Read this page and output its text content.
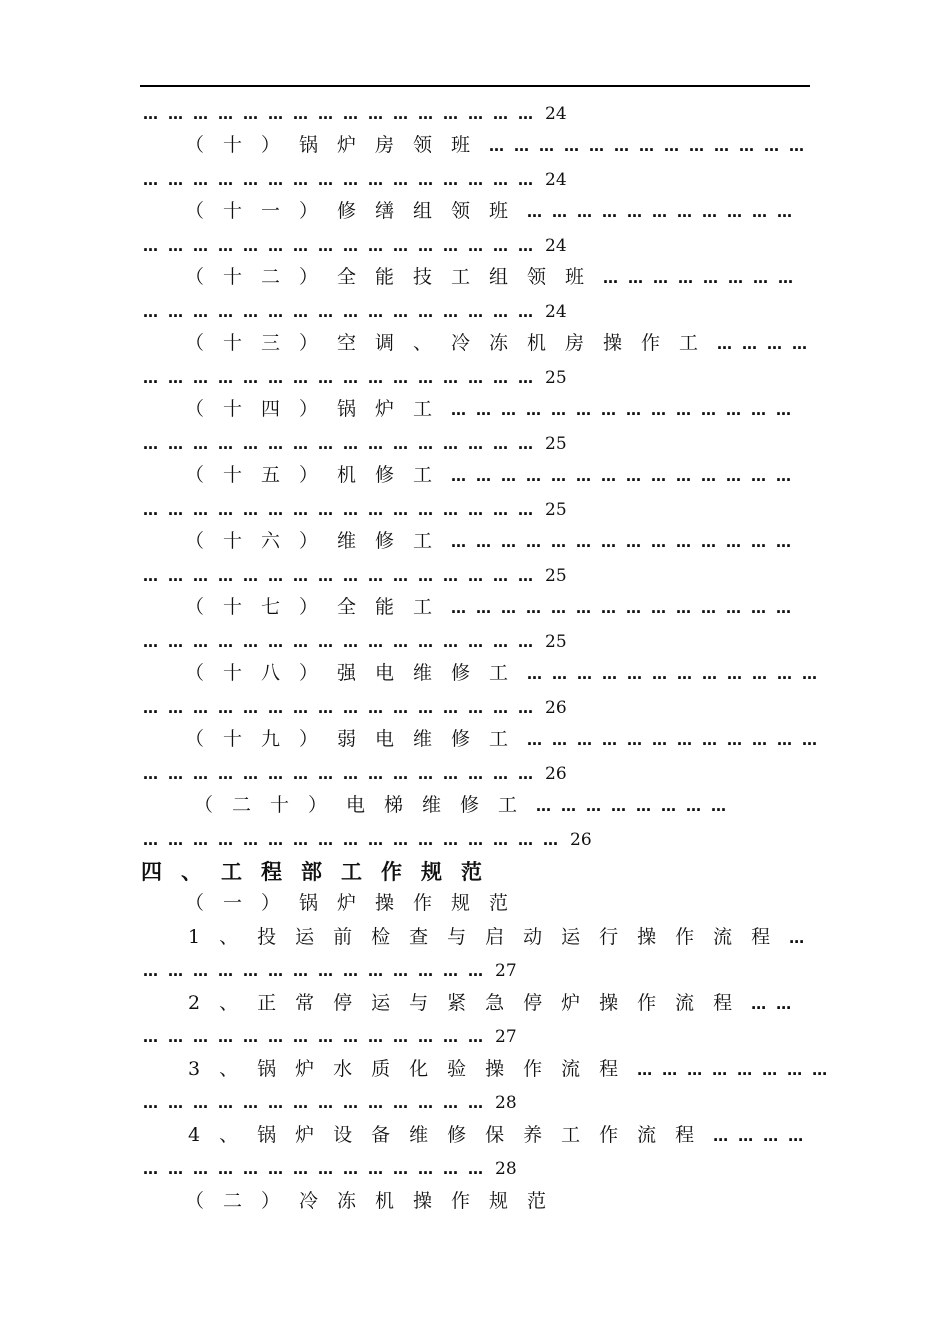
………………………………………… 24
（十）锅炉房领班…………………………………
………………………………………… 24
（十一）修缮组领班……………………………
………………………………………… 24
（十二）全能技工组领班……………………
………………………………………… 24
（十三）空调、冷冻机房操作工…………
………………………………………… 25
（十四）锅炉工……………………………………
………………………………………… 25
（十五）机修工……………………………………
………………………………………… 25
（十六）维修工……………………………………
………………………………………… 25
（十七）全能工……………………………………
………………………………………… 25
（十八）强电维修工………………………………
………………………………………… 26
（十九）弱电维修工………………………………
………………………………………… 26
（二十）电梯维修工……………………
…………………………………………… 26
四、工程部工作规范
（一）锅炉操作规范
1、投运前检查与启动运行操作流程…
…………………………………… 27
2、正常停运与紧急停炉操作流程……
…………………………………… 27
3、锅炉水质化验操作流程……………………
…………………………………… 28
4、锅炉设备维修保养工作流程…………
…………………………………… 28
（二）冷冻机操作规范
